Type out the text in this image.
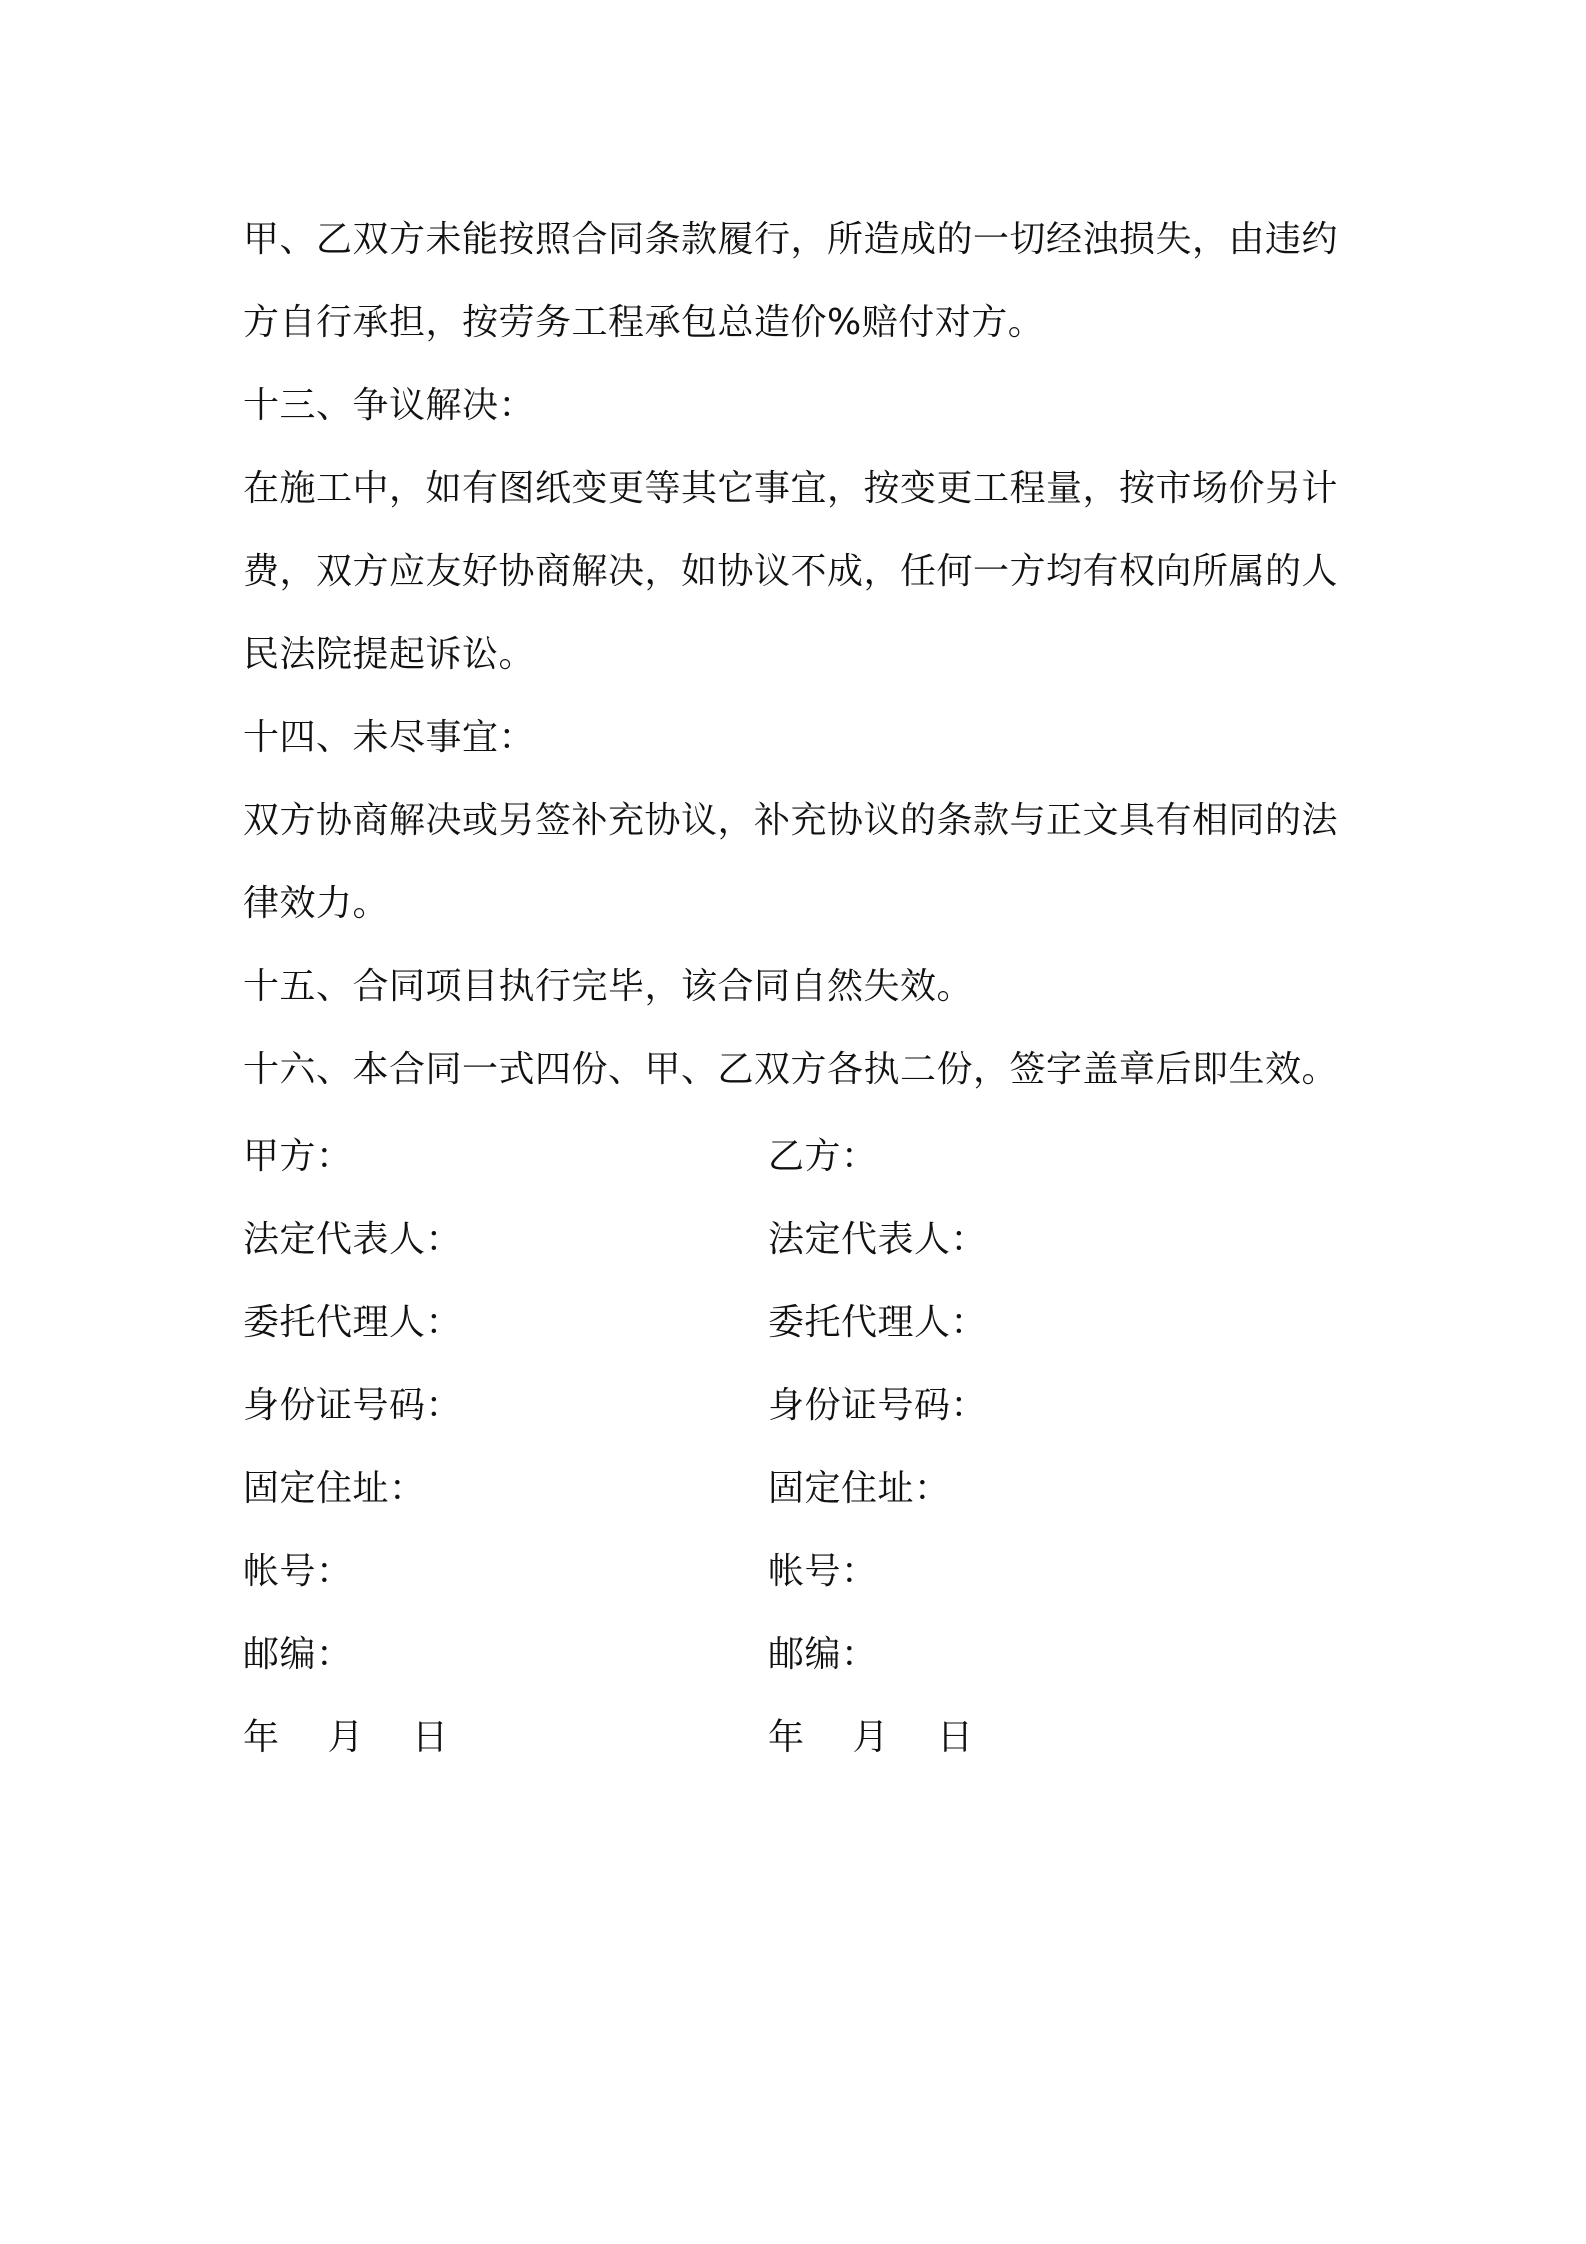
甲、乙双方未能按照合同条款履行，所造成的一切经浊损失，由违约方自行承担，按劳务工程承包总造价%赔付对方。

十三、争议解决：

在施工中，如有图纸变更等其它事宜，按变更工程量，按市场价另计费，双方应友好协商解决，如协议不成，任何一方均有权向所属的人民法院提起诉讼。

十四、未尽事宜：

双方协商解决或另签补充协议，补充协议的条款与正文具有相同的法律效力。

十五、合同项目执行完毕，该合同自然失效。

十六、本合同一式四份、甲、乙双方各执二份，签字盖章后即生效。

甲方：	乙方：
法定代表人：	法定代表人：
委托代理人：	委托代理人：
身份证号码：	身份证号码：
固定住址：	固定住址：
帐号：	帐号：
邮编：	邮编：
年 月 日	年 月 日
